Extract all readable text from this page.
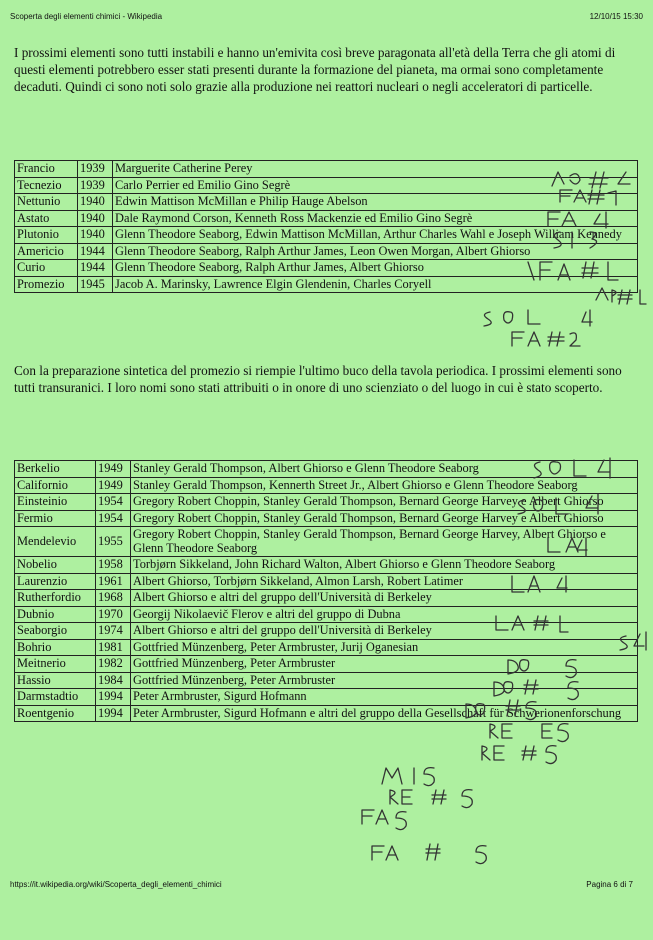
Scoperta degli elementi chimici - Wikipedia	12/10/15 15:30

I prossimi elementi sono tutti instabili e hanno un'emivita così breve paragonata all'età della Terra che gli atomi di questi elementi potrebbero esser stati presenti durante la formazione del pianeta, ma ormai sono completamente decaduti. Quindi ci sono noti solo grazie alla produzione nei reattori nucleari o negli acceleratori di particelle.

Francio	1939	Marguerite Catherine Perey
Tecnezio	1939	Carlo Perrier ed Emilio Gino Segrè
Nettunio	1940	Edwin Mattison McMillan e Philip Hauge Abelson
Astato	1940	Dale Raymond Corson, Kenneth Ross Mackenzie ed Emilio Gino Segrè
Plutonio	1940	Glenn Theodore Seaborg, Edwin Mattison McMillan, Arthur Charles Wahl e Joseph William Kennedy
Americio	1944	Glenn Theodore Seaborg, Ralph Arthur James, Leon Owen Morgan, Albert Ghiorso
Curio	1944	Glenn Theodore Seaborg, Ralph Arthur James, Albert Ghiorso
Promezio	1945	Jacob A. Marinsky, Lawrence Elgin Glendenin, Charles Coryell

Con la preparazione sintetica del promezio si riempie l'ultimo buco della tavola periodica. I prossimi elementi sono tutti transuranici. I loro nomi sono stati attribuiti o in onore di uno scienziato o del luogo in cui è stato scoperto.

Berkelio	1949	Stanley Gerald Thompson, Albert Ghiorso e Glenn Theodore Seaborg
Californio	1949	Stanley Gerald Thompson, Kennerth Street Jr., Albert Ghiorso e Glenn Theodore Seaborg
Einsteinio	1954	Gregory Robert Choppin, Stanley Gerald Thompson, Bernard George Harvey e Albert Ghiorso
Fermio	1954	Gregory Robert Choppin, Stanley Gerald Thompson, Bernard George Harvey e Albert Ghiorso
Mendelevio	1955	Gregory Robert Choppin, Stanley Gerald Thompson, Bernard George Harvey, Albert Ghiorso e Glenn Theodore Seaborg
Nobelio	1958	Torbjørn Sikkeland, John Richard Walton, Albert Ghiorso e Glenn Theodore Seaborg
Laurenzio	1961	Albert Ghiorso, Torbjørn Sikkeland, Almon Larsh, Robert Latimer
Rutherfordio	1968	Albert Ghiorso e altri del gruppo dell'Università di Berkeley
Dubnio	1970	Georgij Nikolaevič Flerov e altri del gruppo di Dubna
Seaborgio	1974	Albert Ghiorso e altri del gruppo dell'Università di Berkeley
Bohrio	1981	Gottfried Münzenberg, Peter Armbruster, Jurij Oganesian
Meitnerio	1982	Gottfried Münzenberg, Peter Armbruster
Hassio	1984	Gottfried Münzenberg, Peter Armbruster
Darmstadtio	1994	Peter Armbruster, Sigurd Hofmann
Roentgenio	1994	Peter Armbruster, Sigurd Hofmann e altri del gruppo della Gesellschaft für Schwerionenforschung
https://it.wikipedia.org/wiki/Scoperta_degli_elementi_chimici	Pagina 6 di 7
